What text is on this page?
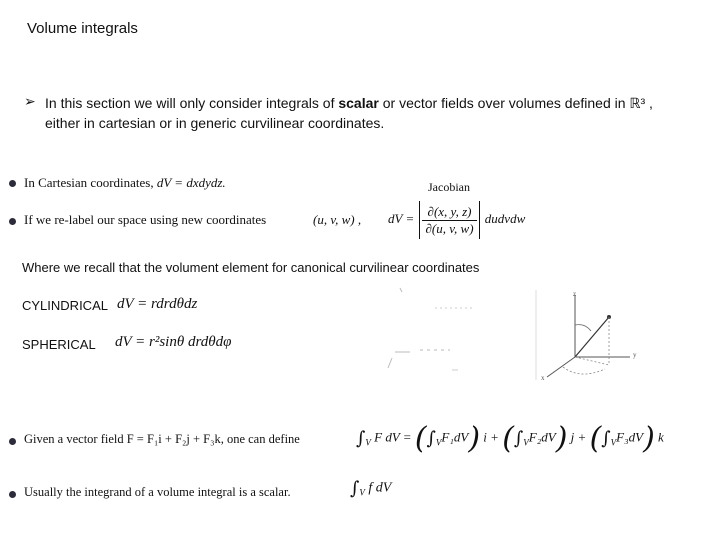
Volume integrals
➢ In this section we will only consider integrals of scalar or vector fields over volumes defined in ℝ³ , either in cartesian or in generic curvilinear coordinates.
In Cartesian coordinates, dV = dxdydz.	Jacobian
If we re-label our space using new coordinates	(u, v, w) , dV = $\frac{\partial(x, y, z)}{\partial(u, v, w)}$ dudvdw
Where we recall that the volument element for canonical curvilinear coordinates
CYLINDRICAL dV = rdrdθdz
SPHERICAL dV = r²sinθ drdθdφ
z
y
x
Given a vector field F = F₁i + F₂j + F₃k, one can define	$\int_V$ F dV = $(\int_VF_1dV) i + (\int_VF_2dV) j + (\int_VF_3dV)$ k
Usually the integrand of a volume integral is a scalar.	$\int_V$ f dV
